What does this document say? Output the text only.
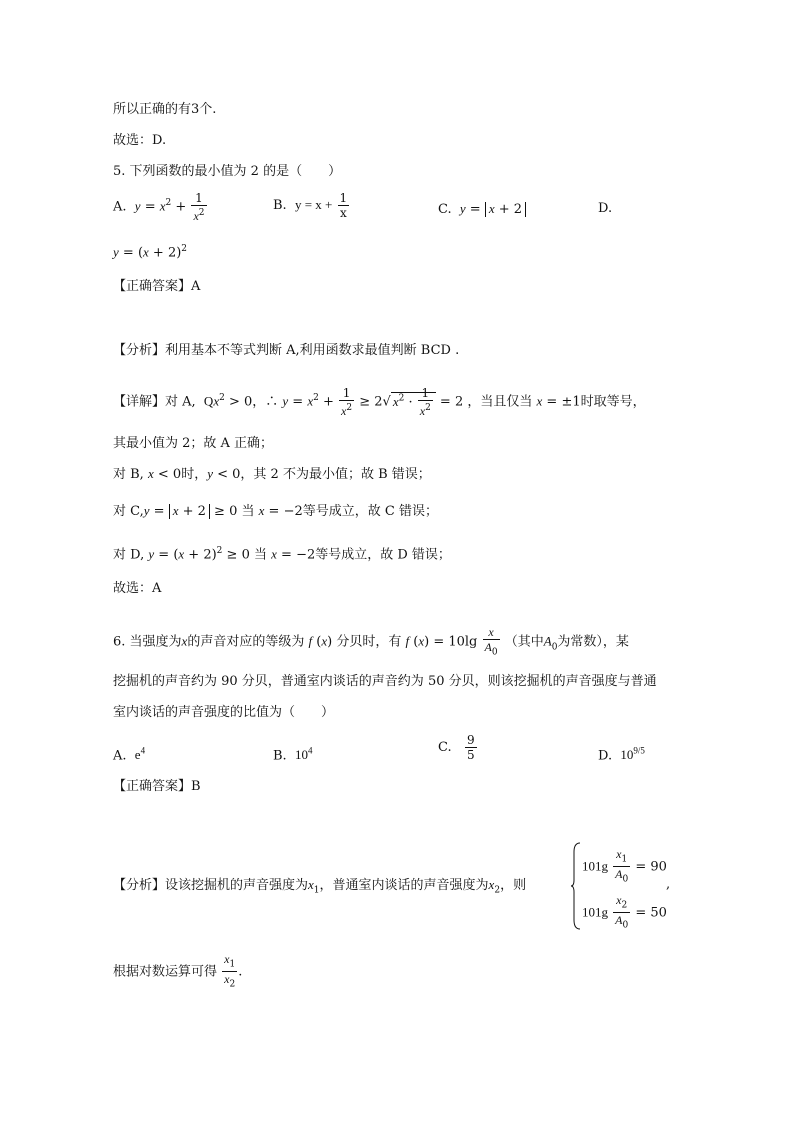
所以正确的有3个.
故选：D.
5. 下列函数的最小值为 2 的是（　　）
A. $y = x^2 + \frac{1}{x^2}$	B. $y = x + \frac{1}{x}$	C. y = x + 2	D.
$y = (x + 2)^2$
【正确答案】A
【分析】利用基本不等式判断 A,利用函数求最值判断 BCD .
【详解】对 A, $Qx^2 > 0$，∴ $y = x^2 + \frac{1}{x^2} \ge 2√$ $x^2 \cdot \frac{1}{x^2} = 2$ ，当且仅当 x = ±1时取等号，
其最小值为 2；故 A 正确；
对 B, x < 0时，y < 0，其 2 不为最小值；故 B 错误；
对 C,y = x + 2 ≥ 0 当 x = −2等号成立，故 C 错误；
对 D, $y = (x + 2)^2 \ge 0$ 当 x = −2等号成立，故 D 错误；
故选：A
6. 当强度为x的声音对应的等级为 f (x) 分贝时，有 f $(x) = 10\lg \frac{x}{A_0}$ （其中$A_0$为常数），某
挖掘机的声音约为 90 分贝，普通室内谈话的声音约为 50 分贝，则该挖掘机的声音强度与普通
室内谈话的声音强度的比值为（　　）
A. $e^4$	B. $10^4$	C. $\frac{9}{5}$	D. $10^{9/5}$
【正确答案】B
【分析】设该挖掘机的声音强度为$x_1$，普通室内谈话的声音强度为$x_2$，则
$101g \frac{x_1}{A_0} = 90$
$101g \frac{x_2}{A_0} = 50$
,
根据对数运算可得 $\frac{x_1}{x_2}$ .
